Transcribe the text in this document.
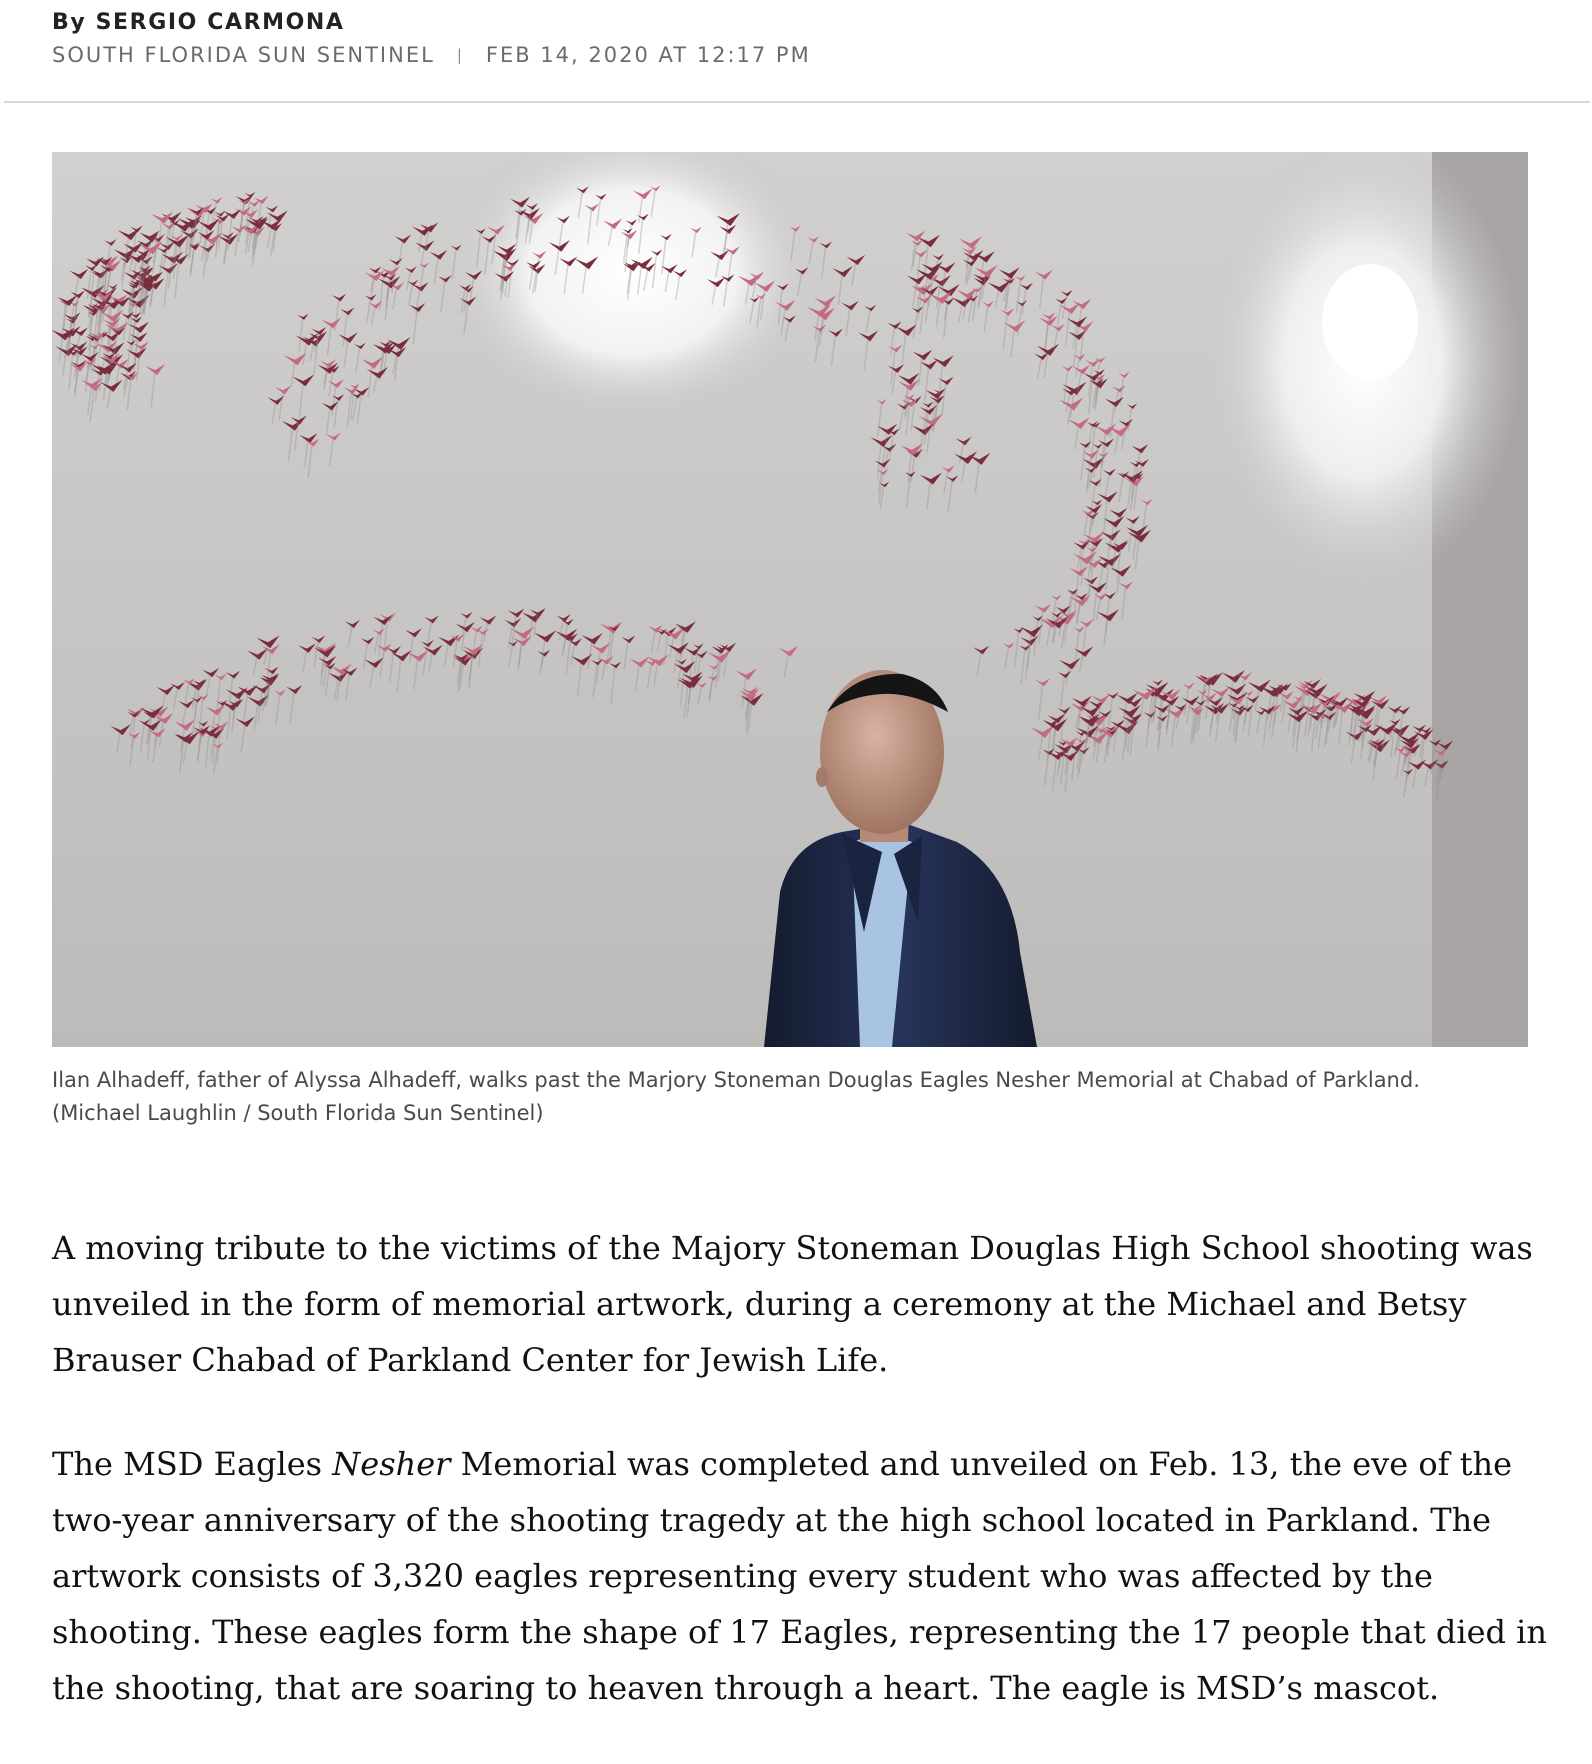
By SERGIO CARMONA
SOUTH FLORIDA SUN SENTINEL | FEB 14, 2020 AT 12:17 PM
Ilan Alhadeff, father of Alyssa Alhadeff, walks past the Marjory Stoneman Douglas Eagles Nesher Memorial at Chabad of Parkland.
(Michael Laughlin / South Florida Sun Sentinel)

A moving tribute to the victims of the Majory Stoneman Douglas High School shooting was unveiled in the form of memorial artwork, during a ceremony at the Michael and Betsy Brauser Chabad of Parkland Center for Jewish Life.

The MSD Eagles Nesher Memorial was completed and unveiled on Feb. 13, the eve of the two-year anniversary of the shooting tragedy at the high school located in Parkland. The artwork consists of 3,320 eagles representing every student who was affected by the shooting. These eagles form the shape of 17 Eagles, representing the 17 people that died in the shooting, that are soaring to heaven through a heart. The eagle is MSD’s mascot.
